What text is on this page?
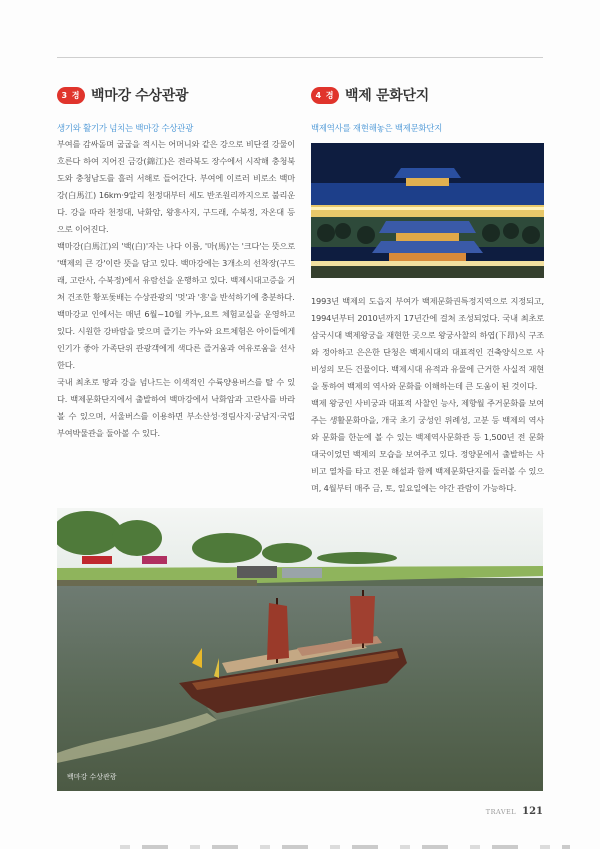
3 경 백마강 수상관광
생기와 활기가 넘치는 백마강 수상관광

부여를 감싸돌며 굽굽을 적시는 어머니와 같은 강으로 비단결 강물이 흐른다 하여 지어진 금강(錦江)은 전라북도 장수에서 시작해 충청북도와 충청남도를 흘러 서해로 들어간다. 부여에 이르러 비로소 백마강(白馬江) 16km·9알리 천정대부터 세도 반조원리까지으로 불리운다. 강을 따라 천정대, 낙화암, 왕흥사지, 구드래, 수북정, 자온대 등으로 이어진다.

백마강(白馬江)의 '백(白)'자는 나다 이름, '마(馬)'는 '크다'는 뜻으로 '백제의 큰 강'이란 뜻을 담고 있다. 백마강에는 3개소의 선착장(구드래, 고란사, 수북정)에서 유람선을 운행하고 있다. 백제시대고증을 거쳐 건조한 황포돛배는 수상관광의 '멋'과 '흥'을 반석하기에 충분하다.

백마강교 인에서는 매년 6월~10월 카누,요트 체험교실을 운영하고 있다. 시원한 강바람을 맞으며 즐기는 카누와 요트체험은 아이들에게 인기가 좋아 가족단위 관광객에게 색다른 즐거움과 여유로움을 선사한다.

국내 최초로 땅과 강을 넘나드는 이색적인 수륙양용버스를 탈 수 있다. 백제문화단지에서 출발하여 백마강에서 낙화암과 고란사를 바라볼 수 있으며, 서울버스를 이용하면 부소산성·정림사지·궁남지·국립부여박물관을 둘아볼 수 있다.

4 경 백제 문화단지
백제역사를 재현해놓은 백제문화단지

1993년 백제의 도읍지 부여가 백제문화권특정지역으로 지정되고, 1994년부터 2010년까지 17년간에 걸쳐 조성되었다. 국내 최초로 삼국시대 백제왕궁을 재현한 곳으로 왕궁사찰의 하엽(下昂)식 구조와 정아하고 은은한 단청은 백제시대의 대표적인 건축양식으로 사비성의 모든 건물이다. 백제시대 유적과 유물에 근거한 사실적 재현을 통하여 백제의 역사와 문화를 이해하는데 큰 도움이 된 것이다.

백제 왕궁인 사비궁과 대표적 사찰인 능사, 제향월 주거문화를 보여주는 생활문화마을, 개국 초기 궁성인 위례성, 고분 등 백제의 역사와 문화를 한눈에 볼 수 있는 백제역사문화관 등 1,500년 전 문화대국이었던 백제의 모습을 보여주고 있다. 정양문에서 출발하는 사비고 열차를 타고 전문 해설과 함께 백제문화단지를 둘러볼 수 있으며, 4월부터 매주 금, 토, 일요일에는 야간 관람이 가능하다.

백마강 수상관광
TRAVEL 121
